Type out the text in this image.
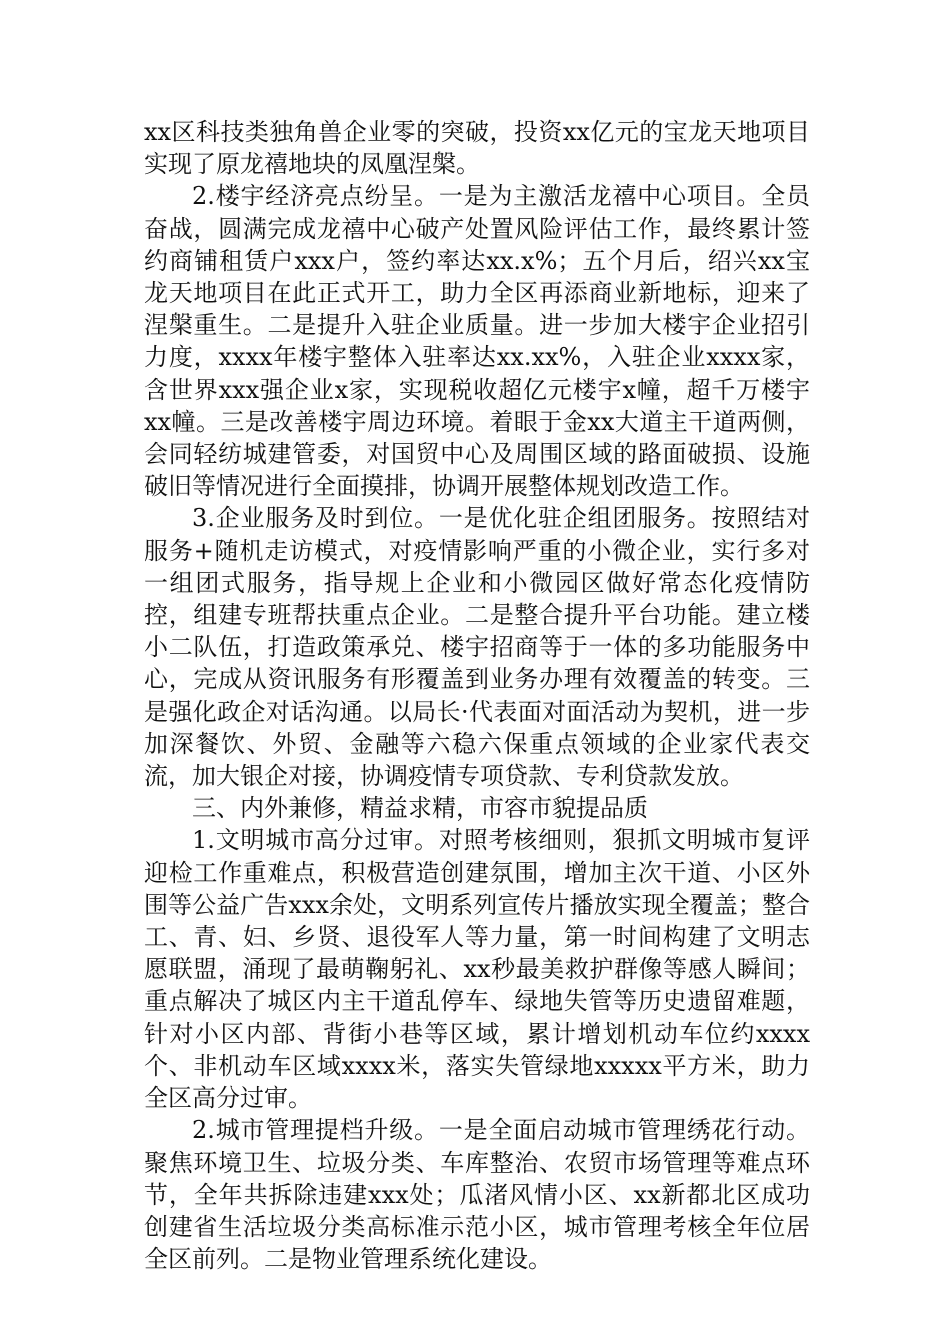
xx区科技类独角兽企业零的突破，投资xx亿元的宝龙天地项目实现了原龙禧地块的凤凰涅槃。

2.楼宇经济亮点纷呈。一是为主激活龙禧中心项目。全员奋战，圆满完成龙禧中心破产处置风险评估工作，最终累计签约商铺租赁户xxx户，签约率达xx.x%；五个月后，绍兴xx宝龙天地项目在此正式开工，助力全区再添商业新地标，迎来了涅槃重生。二是提升入驻企业质量。进一步加大楼宇企业招引力度，xxxx年楼宇整体入驻率达xx.xx%，入驻企业xxxx家，含世界xxx强企业x家，实现税收超亿元楼宇x幢，超千万楼宇xx幢。三是改善楼宇周边环境。着眼于金xx大道主干道两侧，会同轻纺城建管委，对国贸中心及周围区域的路面破损、设施破旧等情况进行全面摸排，协调开展整体规划改造工作。

3.企业服务及时到位。一是优化驻企组团服务。按照结对服务+随机走访模式，对疫情影响严重的小微企业，实行多对一组团式服务，指导规上企业和小微园区做好常态化疫情防控，组建专班帮扶重点企业。二是整合提升平台功能。建立楼小二队伍，打造政策承兑、楼宇招商等于一体的多功能服务中心，完成从资讯服务有形覆盖到业务办理有效覆盖的转变。三是强化政企对话沟通。以局长·代表面对面活动为契机，进一步加深餐饮、外贸、金融等六稳六保重点领域的企业家代表交流，加大银企对接，协调疫情专项贷款、专利贷款发放。

三、内外兼修，精益求精，市容市貌提品质

1.文明城市高分过审。对照考核细则，狠抓文明城市复评迎检工作重难点，积极营造创建氛围，增加主次干道、小区外围等公益广告xxx余处，文明系列宣传片播放实现全覆盖；整合工、青、妇、乡贤、退役军人等力量，第一时间构建了文明志愿联盟，涌现了最萌鞠躬礼、xx秒最美救护群像等感人瞬间；重点解决了城区内主干道乱停车、绿地失管等历史遗留难题，针对小区内部、背街小巷等区域，累计增划机动车位约xxxx个、非机动车区域xxxx米，落实失管绿地xxxxx平方米，助力全区高分过审。

2.城市管理提档升级。一是全面启动城市管理绣花行动。聚焦环境卫生、垃圾分类、车库整治、农贸市场管理等难点环节，全年共拆除违建xxx处；瓜渚风情小区、xx新都北区成功创建省生活垃圾分类高标准示范小区，城市管理考核全年位居全区前列。二是物业管理系统化建设。
